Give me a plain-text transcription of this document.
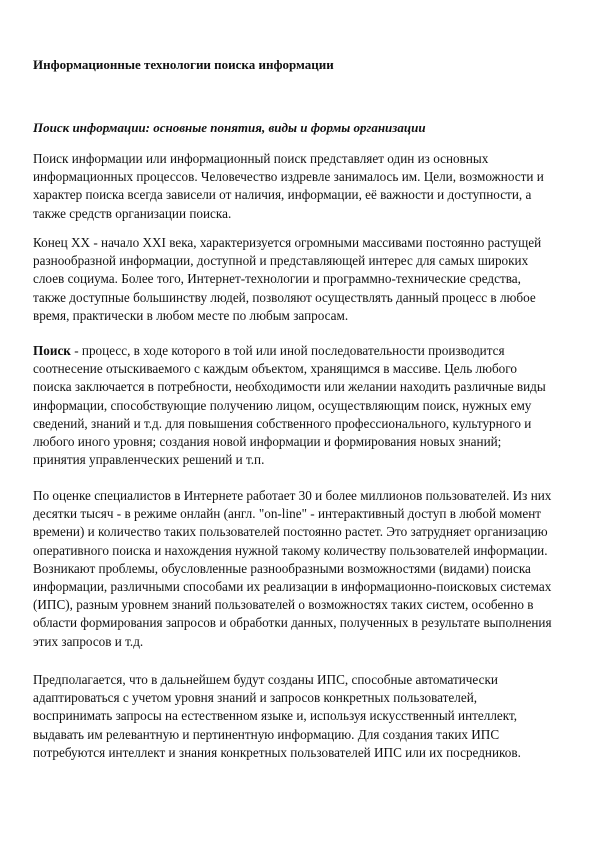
Информационные технологии поиска информации
Поиск информации: основные понятия, виды и формы организации

Поиск информации или информационный поиск представляет один из основных
информационных процессов. Человечество издревле занималось им. Цели, возможности и
характер поиска всегда зависели от наличия, информации, её важности и доступности, а
также средств организации поиска.

Конец XX - начало XXI века, характеризуется огромными массивами постоянно растущей
разнообразной информации, доступной и представляющей интерес для самых широких
слоев социума. Более того, Интернет-технологии и программно-технические средства,
также доступные большинству людей, позволяют осуществлять данный процесс в любое
время, практически в любом месте по любым запросам.

Поиск - процесс, в ходе которого в той или иной последовательности производится
соотнесение отыскиваемого с каждым объектом, хранящимся в массиве. Цель любого
поиска заключается в потребности, необходимости или желании находить различные виды
информации, способствующие получению лицом, осуществляющим поиск, нужных ему
сведений, знаний и т.д. для повышения собственного профессионального, культурного и
любого иного уровня; создания новой информации и формирования новых знаний;
принятия управленческих решений и т.п.

По оценке специалистов в Интернете работает 30 и более миллионов пользователей. Из них
десятки тысяч - в режиме онлайн (англ. "on-line" - интерактивный доступ в любой момент
времени) и количество таких пользователей постоянно растет. Это затрудняет организацию
оперативного поиска и нахождения нужной такому количеству пользователей информации.
Возникают проблемы, обусловленные разнообразными возможностями (видами) поиска
информации, различными способами их реализации в информационно-поисковых системах
(ИПС), разным уровнем знаний пользователей о возможностях таких систем, особенно в
области формирования запросов и обработки данных, полученных в результате выполнения
этих запросов и т.д.

Предполагается, что в дальнейшем будут созданы ИПС, способные автоматически
адаптироваться с учетом уровня знаний и запросов конкретных пользователей,
воспринимать запросы на естественном языке и, используя искусственный интеллект,
выдавать им релевантную и пертинентную информацию. Для создания таких ИПС
потребуются интеллект и знания конкретных пользователей ИПС или их посредников.
